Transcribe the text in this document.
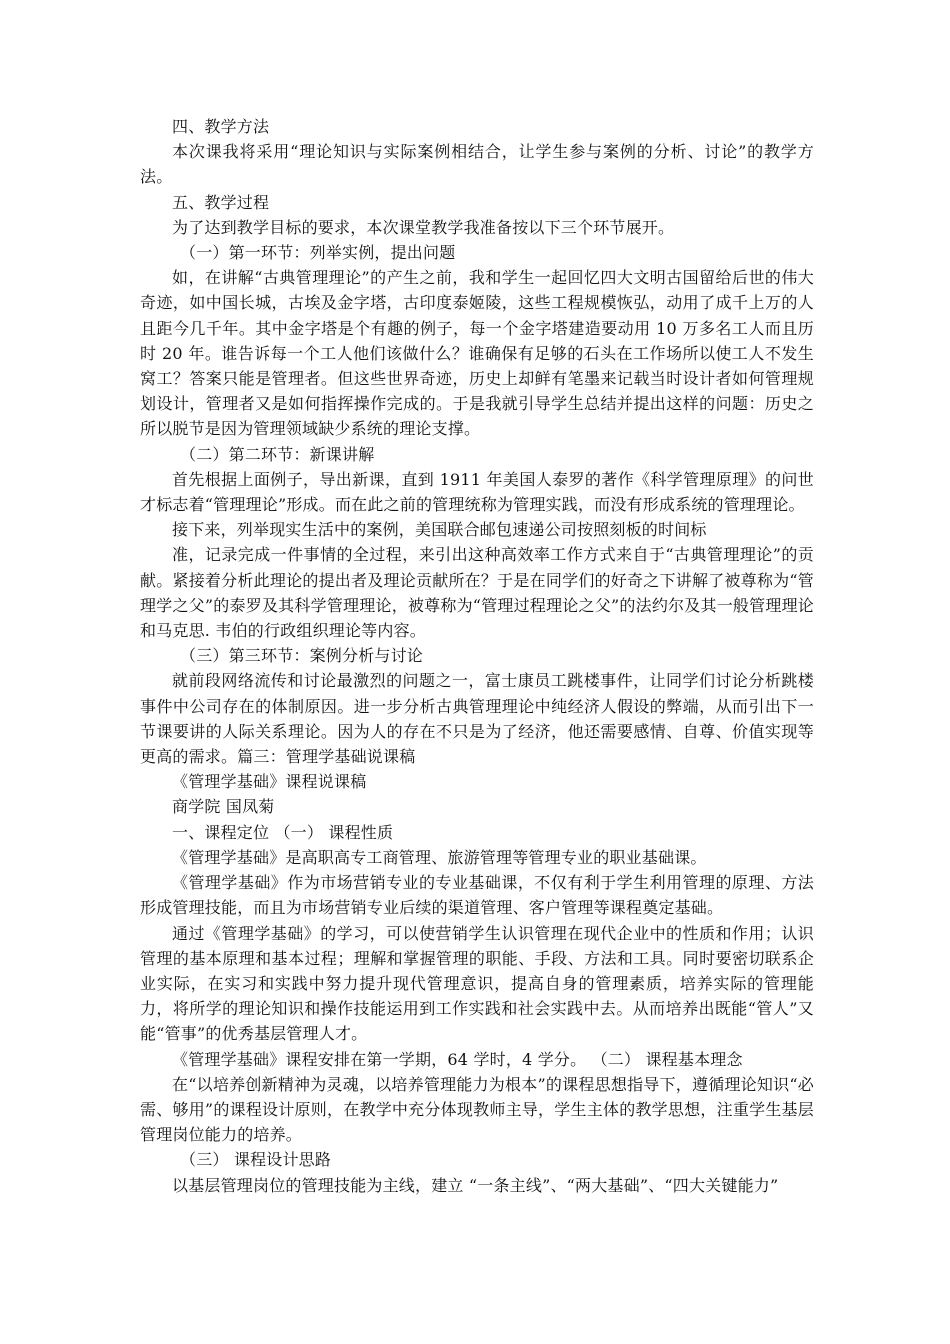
四、教学方法

本次课我将采用“理论知识与实际案例相结合，让学生参与案例的分析、讨论”的教学方法。

五、教学过程

为了达到教学目标的要求，本次课堂教学我准备按以下三个环节展开。

（一）第一环节：列举实例，提出问题

如，在讲解“古典管理理论”的产生之前，我和学生一起回忆四大文明古国留给后世的伟大奇迹，如中国长城，古埃及金字塔，古印度泰姬陵，这些工程规模恢弘，动用了成千上万的人且距今几千年。其中金字塔是个有趣的例子，每一个金字塔建造要动用 10 万多名工人而且历时 20 年。谁告诉每一个工人他们该做什么？谁确保有足够的石头在工作场所以使工人不发生窝工？答案只能是管理者。但这些世界奇迹，历史上却鲜有笔墨来记载当时设计者如何管理规划设计，管理者又是如何指挥操作完成的。于是我就引导学生总结并提出这样的问题：历史之所以脱节是因为管理领域缺少系统的理论支撑。

（二）第二环节：新课讲解

首先根据上面例子，导出新课，直到 1911 年美国人泰罗的著作《科学管理原理》的问世才标志着“管理理论”形成。而在此之前的管理统称为管理实践，而没有形成系统的管理理论。

接下来，列举现实生活中的案例，美国联合邮包速递公司按照刻板的时间标

准，记录完成一件事情的全过程，来引出这种高效率工作方式来自于“古典管理理论”的贡献。紧接着分析此理论的提出者及理论贡献所在？于是在同学们的好奇之下讲解了被尊称为“管理学之父”的泰罗及其科学管理理论，被尊称为“管理过程理论之父”的法约尔及其一般管理理论 和马克思. 韦伯的行政组织理论等内容。

（三）第三环节：案例分析与讨论

就前段网络流传和讨论最激烈的问题之一，富士康员工跳楼事件，让同学们讨论分析跳楼事件中公司存在的体制原因。进一步分析古典管理理论中纯经济人假设的弊端，从而引出下一节课要讲的人际关系理论。因为人的存在不只是为了经济，他还需要感情、自尊、价值实现等更高的需求。篇三：管理学基础说课稿

《管理学基础》课程说课稿

商学院 国凤菊

一、课程定位 （一） 课程性质

《管理学基础》是高职高专工商管理、旅游管理等管理专业的职业基础课。

《管理学基础》作为市场营销专业的专业基础课，不仅有利于学生利用管理的原理、方法形成管理技能，而且为市场营销专业后续的渠道管理、客户管理等课程奠定基础。

通过《管理学基础》的学习，可以使营销学生认识管理在现代企业中的性质和作用；认识管理的基本原理和基本过程；理解和掌握管理的职能、手段、方法和工具。同时要密切联系企业实际，在实习和实践中努力提升现代管理意识，提高自身的管理素质，培养实际的管理能力，将所学的理论知识和操作技能运用到工作实践和社会实践中去。从而培养出既能“管人”又能“管事”的优秀基层管理人才。

《管理学基础》课程安排在第一学期，64 学时，4 学分。 （二） 课程基本理念

在“以培养创新精神为灵魂，以培养管理能力为根本”的课程思想指导下，遵循理论知识“必需、够用”的课程设计原则，在教学中充分体现教师主导，学生主体的教学思想，注重学生基层管理岗位能力的培养。

（三） 课程设计思路

以基层管理岗位的管理技能为主线，建立 “一条主线”、“两大基础”、“四大关键能力”
